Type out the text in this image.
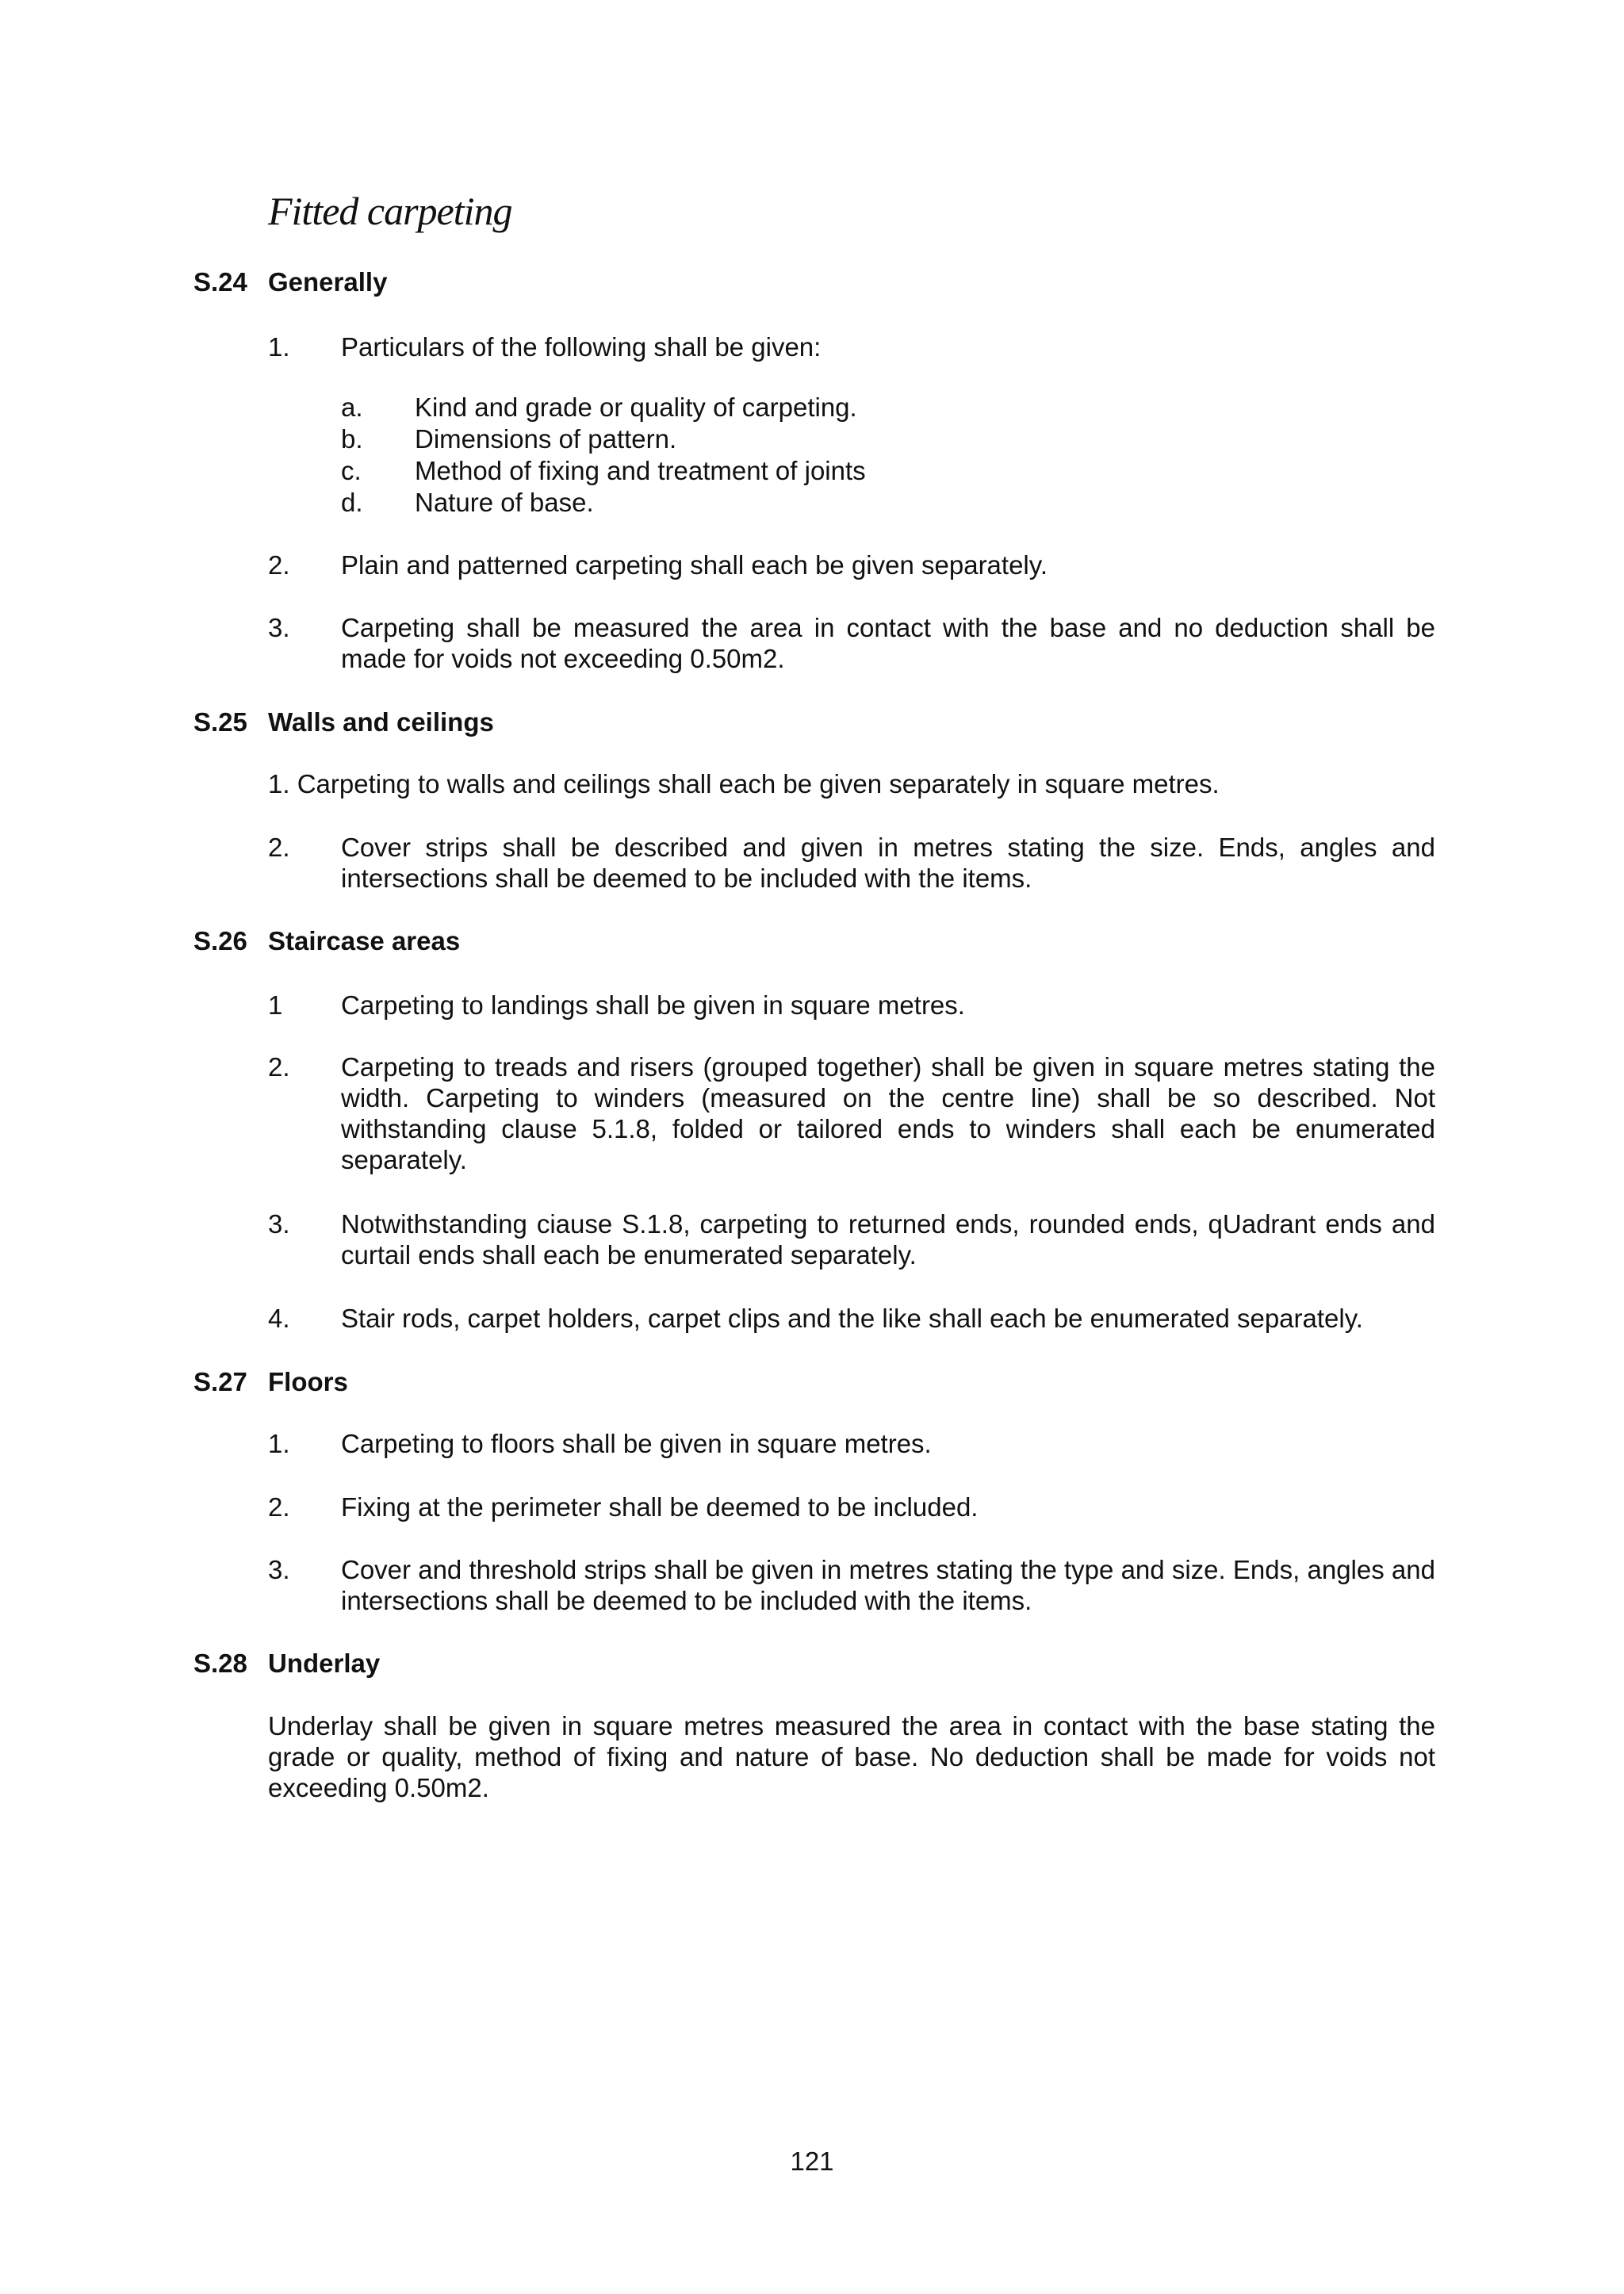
Fitted carpeting
S.24 Generally
1. Particulars of the following shall be given:
a. Kind and grade or quality of carpeting.
b. Dimensions of pattern.
c. Method of fixing and treatment of joints
d. Nature of base.
2. Plain and patterned carpeting shall each be given separately.
3. Carpeting shall be measured the area in contact with the base and no deduction shall be made for voids not exceeding 0.50m2.
S.25 Walls and ceilings
1. Carpeting to walls and ceilings shall each be given separately in square metres.
2. Cover strips shall be described and given in metres stating the size. Ends, angles and intersections shall be deemed to be included with the items.
S.26 Staircase areas
1 Carpeting to landings shall be given in square metres.
2. Carpeting to treads and risers (grouped together) shall be given in square metres stating the width. Carpeting to winders (measured on the centre line) shall be so described. Not withstanding clause 5.1.8, folded or tailored ends to winders shall each be enumerated separately.
3. Notwithstanding ciause S.1.8, carpeting to returned ends, rounded ends, qUadrant ends and curtail ends shall each be enumerated separately.
4. Stair rods, carpet holders, carpet clips and the like shall each be enumerated separately.
S.27 Floors
1. Carpeting to floors shall be given in square metres.
2. Fixing at the perimeter shall be deemed to be included.
3. Cover and threshold strips shall be given in metres stating the type and size. Ends, angles and intersections shall be deemed to be included with the items.
S.28 Underlay
Underlay shall be given in square metres measured the area in contact with the base stating the grade or quality, method of fixing and nature of base. No deduction shall be made for voids not exceeding 0.50m2.
121
